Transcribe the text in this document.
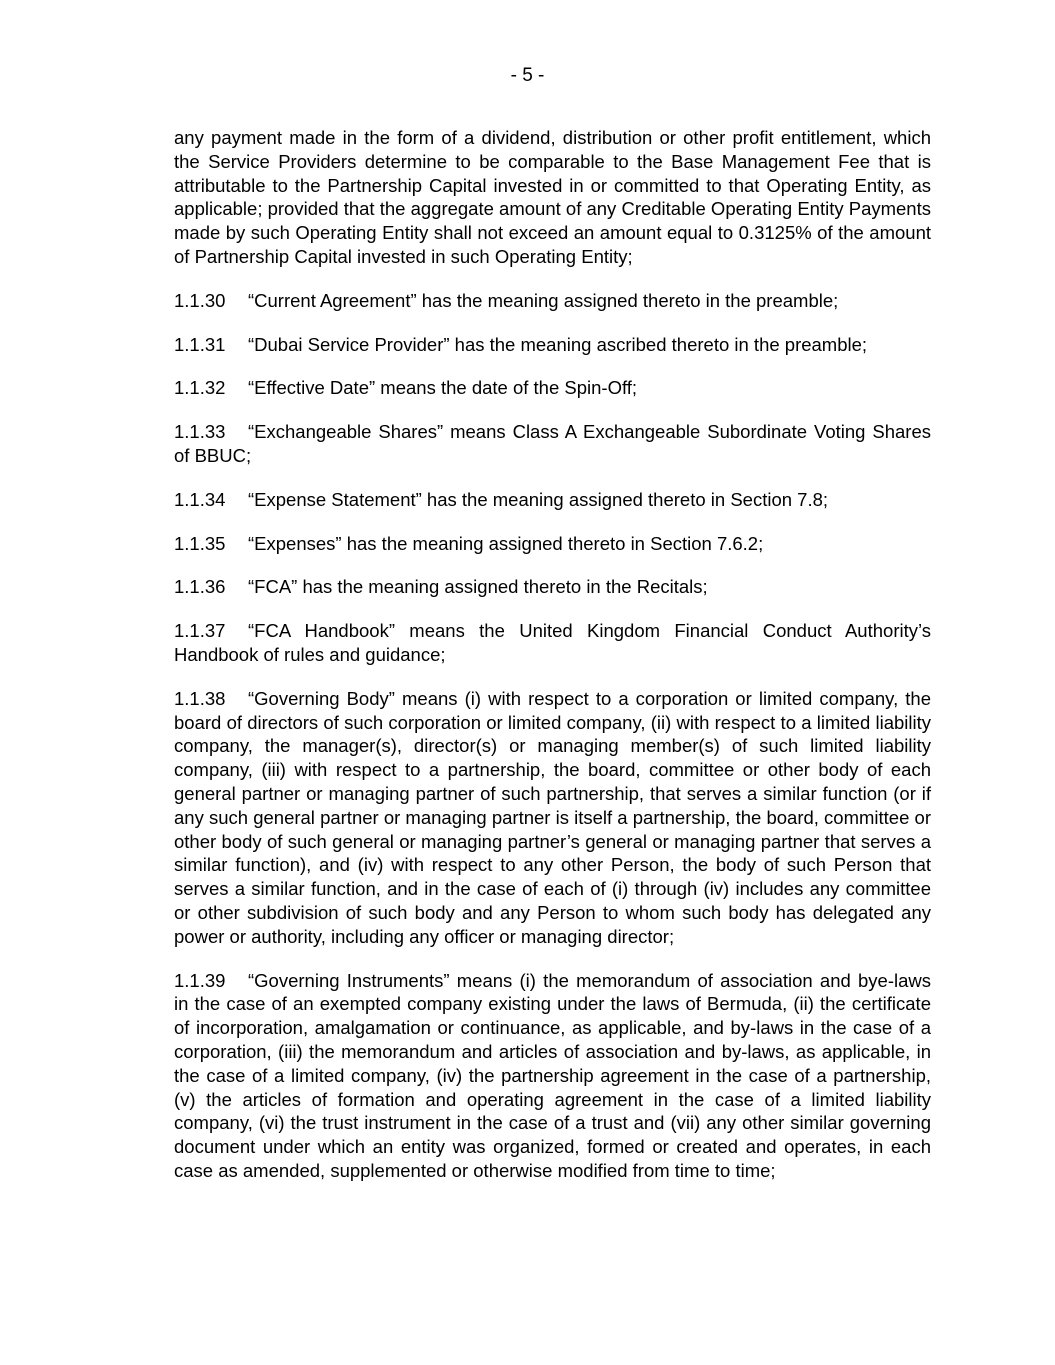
- 5 -

any payment made in the form of a dividend, distribution or other profit entitlement, which the Service Providers determine to be comparable to the Base Management Fee that is attributable to the Partnership Capital invested in or committed to that Operating Entity, as applicable; provided that the aggregate amount of any Creditable Operating Entity Payments made by such Operating Entity shall not exceed an amount equal to 0.3125% of the amount of Partnership Capital invested in such Operating Entity;

1.1.30 “Current Agreement” has the meaning assigned thereto in the preamble;

1.1.31 “Dubai Service Provider” has the meaning ascribed thereto in the preamble;

1.1.32 “Effective Date” means the date of the Spin-Off;

1.1.33 “Exchangeable Shares” means Class A Exchangeable Subordinate Voting Shares of BBUC;

1.1.34 “Expense Statement” has the meaning assigned thereto in Section 7.8;

1.1.35 “Expenses” has the meaning assigned thereto in Section 7.6.2;

1.1.36 “FCA” has the meaning assigned thereto in the Recitals;

1.1.37 “FCA Handbook” means the United Kingdom Financial Conduct Authority’s Handbook of rules and guidance;

1.1.38 “Governing Body” means (i) with respect to a corporation or limited company, the board of directors of such corporation or limited company, (ii) with respect to a limited liability company, the manager(s), director(s) or managing member(s) of such limited liability company, (iii) with respect to a partnership, the board, committee or other body of each general partner or managing partner of such partnership, that serves a similar function (or if any such general partner or managing partner is itself a partnership, the board, committee or other body of such general or managing partner’s general or managing partner that serves a similar function), and (iv) with respect to any other Person, the body of such Person that serves a similar function, and in the case of each of (i) through (iv) includes any committee or other subdivision of such body and any Person to whom such body has delegated any power or authority, including any officer or managing director;

1.1.39 “Governing Instruments” means (i) the memorandum of association and bye-laws in the case of an exempted company existing under the laws of Bermuda, (ii) the certificate of incorporation, amalgamation or continuance, as applicable, and by-laws in the case of a corporation, (iii) the memorandum and articles of association and by-laws, as applicable, in the case of a limited company, (iv) the partnership agreement in the case of a partnership, (v) the articles of formation and operating agreement in the case of a limited liability company, (vi) the trust instrument in the case of a trust and (vii) any other similar governing document under which an entity was organized, formed or created and operates, in each case as amended, supplemented or otherwise modified from time to time;
